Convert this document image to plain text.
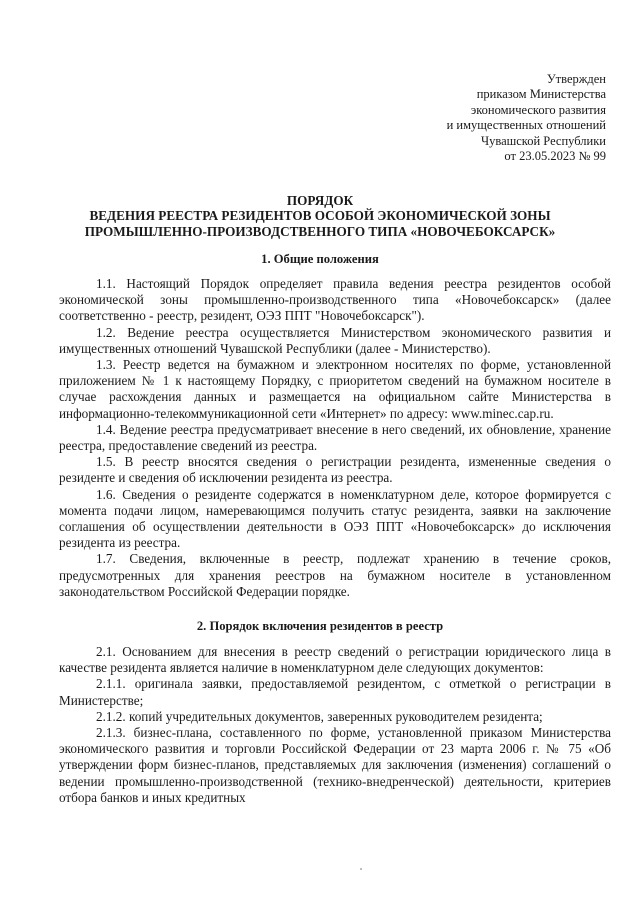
Утвержден
приказом Министерства
экономического развития
и имущественных отношений
Чувашской Республики
от 23.05.2023 № 99
ПОРЯДОК
ВЕДЕНИЯ РЕЕСТРА РЕЗИДЕНТОВ ОСОБОЙ ЭКОНОМИЧЕСКОЙ ЗОНЫ
ПРОМЫШЛЕННО-ПРОИЗВОДСТВЕННОГО ТИПА «НОВОЧЕБОКСАРСК»
1. Общие положения

1.1. Настоящий Порядок определяет правила ведения реестра резидентов особой экономической зоны промышленно-производственного типа «Новочебоксарск» (далее соответственно - реестр, резидент, ОЭЗ ППТ "Новочебоксарск").

1.2. Ведение реестра осуществляется Министерством экономического развития и имущественных отношений Чувашской Республики (далее - Министерство).

1.3. Реестр ведется на бумажном и электронном носителях по форме, установленной приложением № 1 к настоящему Порядку, с приоритетом сведений на бумажном носителе в случае расхождения данных и размещается на официальном сайте Министерства в информационно-телекоммуникационной сети «Интернет» по адресу: www.minec.cap.ru.

1.4. Ведение реестра предусматривает внесение в него сведений, их обновление, хранение реестра, предоставление сведений из реестра.

1.5. В реестр вносятся сведения о регистрации резидента, измененные сведения о резиденте и сведения об исключении резидента из реестра.

1.6. Сведения о резиденте содержатся в номенклатурном деле, которое формируется с момента подачи лицом, намеревающимся получить статус резидента, заявки на заключение соглашения об осуществлении деятельности в ОЭЗ ППТ «Новочебоксарск» до исключения резидента из реестра.

1.7. Сведения, включенные в реестр, подлежат хранению в течение сроков, предусмотренных для хранения реестров на бумажном носителе в установленном законодательством Российской Федерации порядке.

2. Порядок включения резидентов в реестр

2.1. Основанием для внесения в реестр сведений о регистрации юридического лица в качестве резидента является наличие в номенклатурном деле следующих документов:

2.1.1. оригинала заявки, предоставляемой резидентом, с отметкой о регистрации в Министерстве;

2.1.2. копий учредительных документов, заверенных руководителем резидента;

2.1.3. бизнес-плана, составленного по форме, установленной приказом Министерства экономического развития и торговли Российской Федерации от 23 марта 2006 г. № 75 «Об утверждении форм бизнес-планов, представляемых для заключения (изменения) соглашений о ведении промышленно-производственной (технико-внедренческой) деятельности, критериев отбора банков и иных кредитных
